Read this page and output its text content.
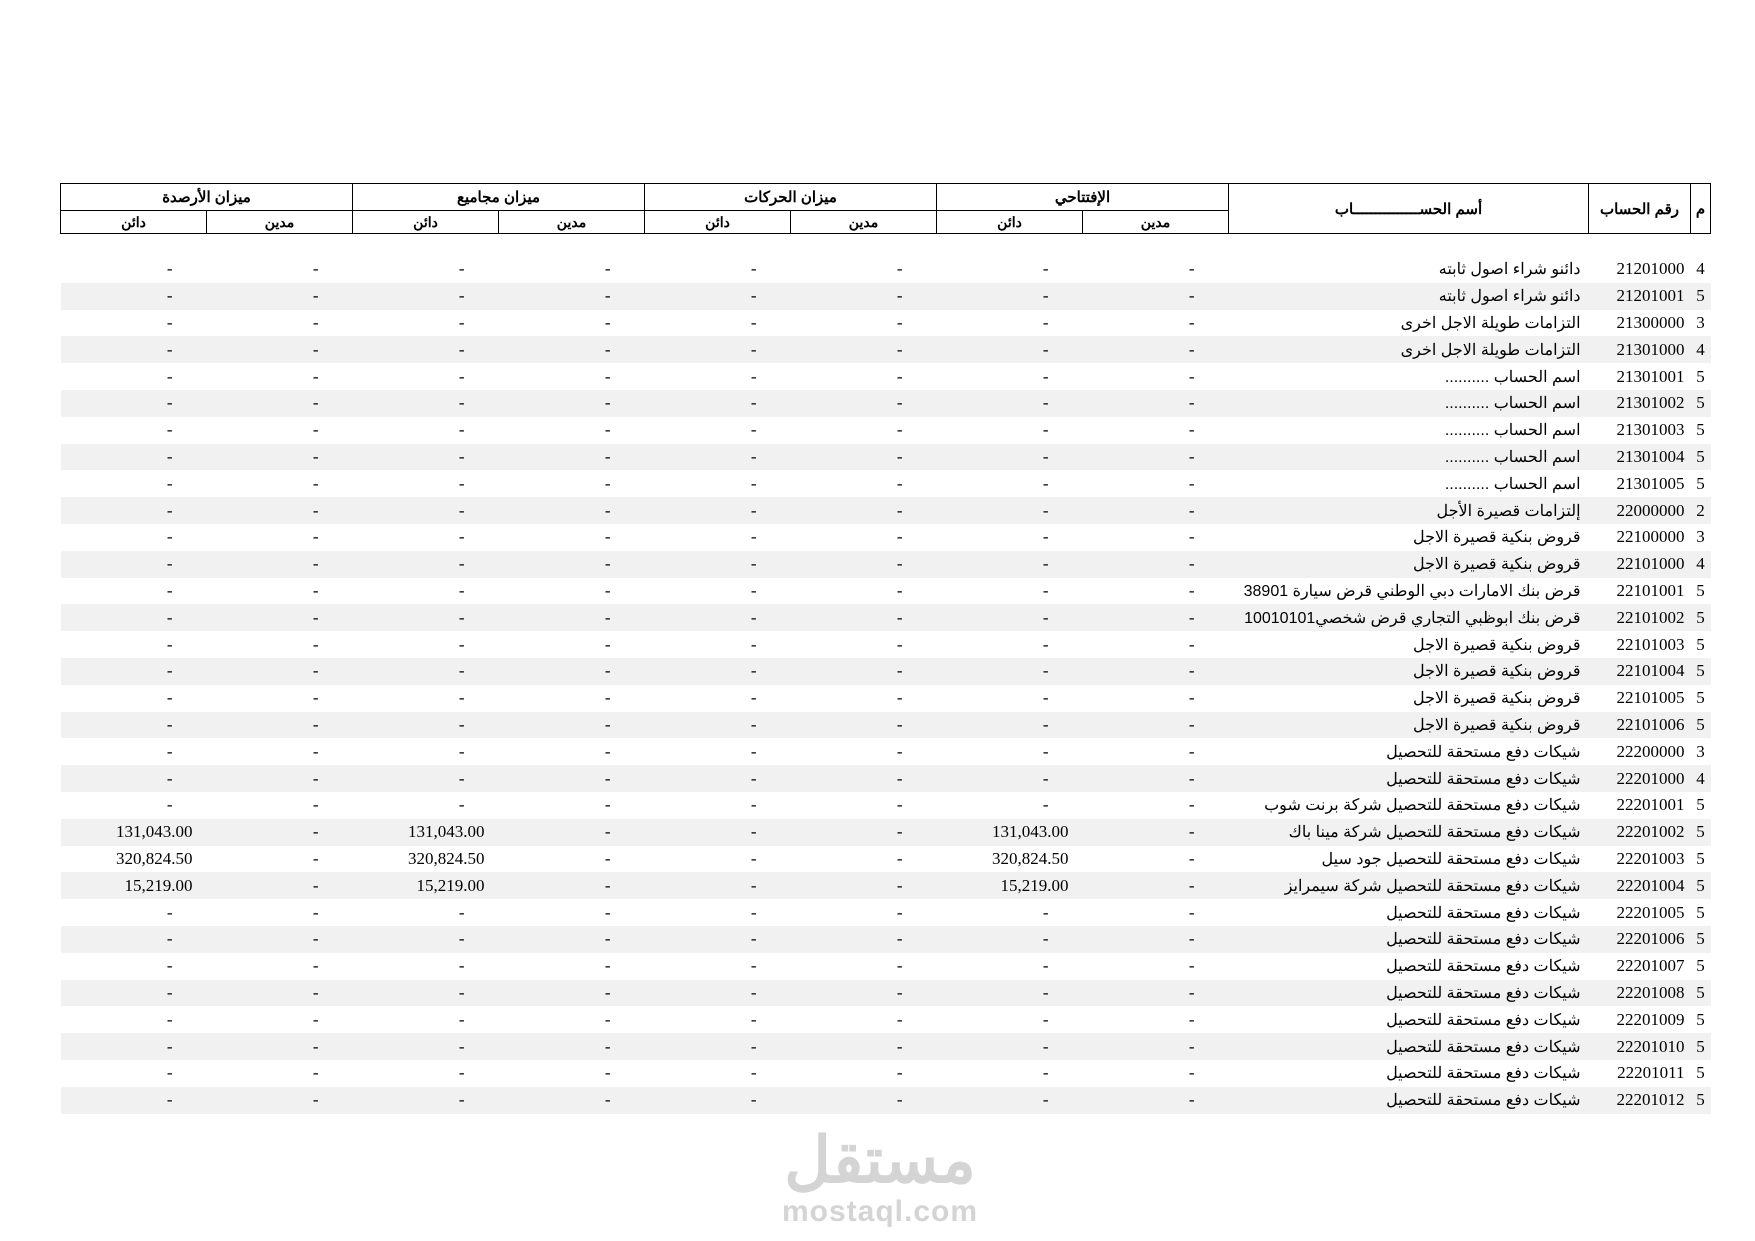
ميزان الأرصدة		ميزان مجاميع		ميزان الحركات		الإفتتاحي		أسم الحســـــــــــــــاب	رقم الحساب	م
دائن	مدين	دائن	مدين	دائن	مدين	دائن	مدين			

-	-	-	-	-	-	-	-	دائنو شراء اصول ثابته	21201000	4
-	-	-	-	-	-	-	-	دائنو شراء اصول ثابته	21201001	5
-	-	-	-	-	-	-	-	التزامات طويلة الاجل اخرى	21300000	3
-	-	-	-	-	-	-	-	التزامات طويلة الاجل اخرى	21301000	4
-	-	-	-	-	-	-	-	اسم الحساب ..........	21301001	5
-	-	-	-	-	-	-	-	اسم الحساب ..........	21301002	5
-	-	-	-	-	-	-	-	اسم الحساب ..........	21301003	5
-	-	-	-	-	-	-	-	اسم الحساب ..........	21301004	5
-	-	-	-	-	-	-	-	اسم الحساب ..........	21301005	5
-	-	-	-	-	-	-	-	إلتزامات قصيرة الأجل	22000000	2
-	-	-	-	-	-	-	-	قروض بنكية قصيرة الاجل	22100000	3
-	-	-	-	-	-	-	-	قروض بنكية قصيرة الاجل	22101000	4
-	-	-	-	-	-	-	-	قرض بنك الامارات دبي الوطني قرض سيارة 38901	22101001	5
-	-	-	-	-	-	-	-	قرض بنك ابوظبي التجاري قرض شخصي10010101	22101002	5
-	-	-	-	-	-	-	-	قروض بنكية قصيرة الاجل	22101003	5
-	-	-	-	-	-	-	-	قروض بنكية قصيرة الاجل	22101004	5
-	-	-	-	-	-	-	-	قروض بنكية قصيرة الاجل	22101005	5
-	-	-	-	-	-	-	-	قروض بنكية قصيرة الاجل	22101006	5
-	-	-	-	-	-	-	-	شيكات دفع مستحقة للتحصيل	22200000	3
-	-	-	-	-	-	-	-	شيكات دفع مستحقة للتحصيل	22201000	4
-	-	-	-	-	-	-	-	شيكات دفع مستحقة للتحصيل شركة برنت شوب	22201001	5
131,043.00	-	131,043.00	-	-	-	131,043.00	-	شيكات دفع مستحقة للتحصيل شركة مينا باك	22201002	5
320,824.50	-	320,824.50	-	-	-	320,824.50	-	شيكات دفع مستحقة للتحصيل جود سيل	22201003	5
15,219.00	-	15,219.00	-	-	-	15,219.00	-	شيكات دفع مستحقة للتحصيل شركة سيمرايز	22201004	5
-	-	-	-	-	-	-	-	شيكات دفع مستحقة للتحصيل	22201005	5
-	-	-	-	-	-	-	-	شيكات دفع مستحقة للتحصيل	22201006	5
-	-	-	-	-	-	-	-	شيكات دفع مستحقة للتحصيل	22201007	5
-	-	-	-	-	-	-	-	شيكات دفع مستحقة للتحصيل	22201008	5
-	-	-	-	-	-	-	-	شيكات دفع مستحقة للتحصيل	22201009	5
-	-	-	-	-	-	-	-	شيكات دفع مستحقة للتحصيل	22201010	5
-	-	-	-	-	-	-	-	شيكات دفع مستحقة للتحصيل	22201011	5
-	-	-	-	-	-	-	-	شيكات دفع مستحقة للتحصيل	22201012	5
مستقل
mostaql.com
